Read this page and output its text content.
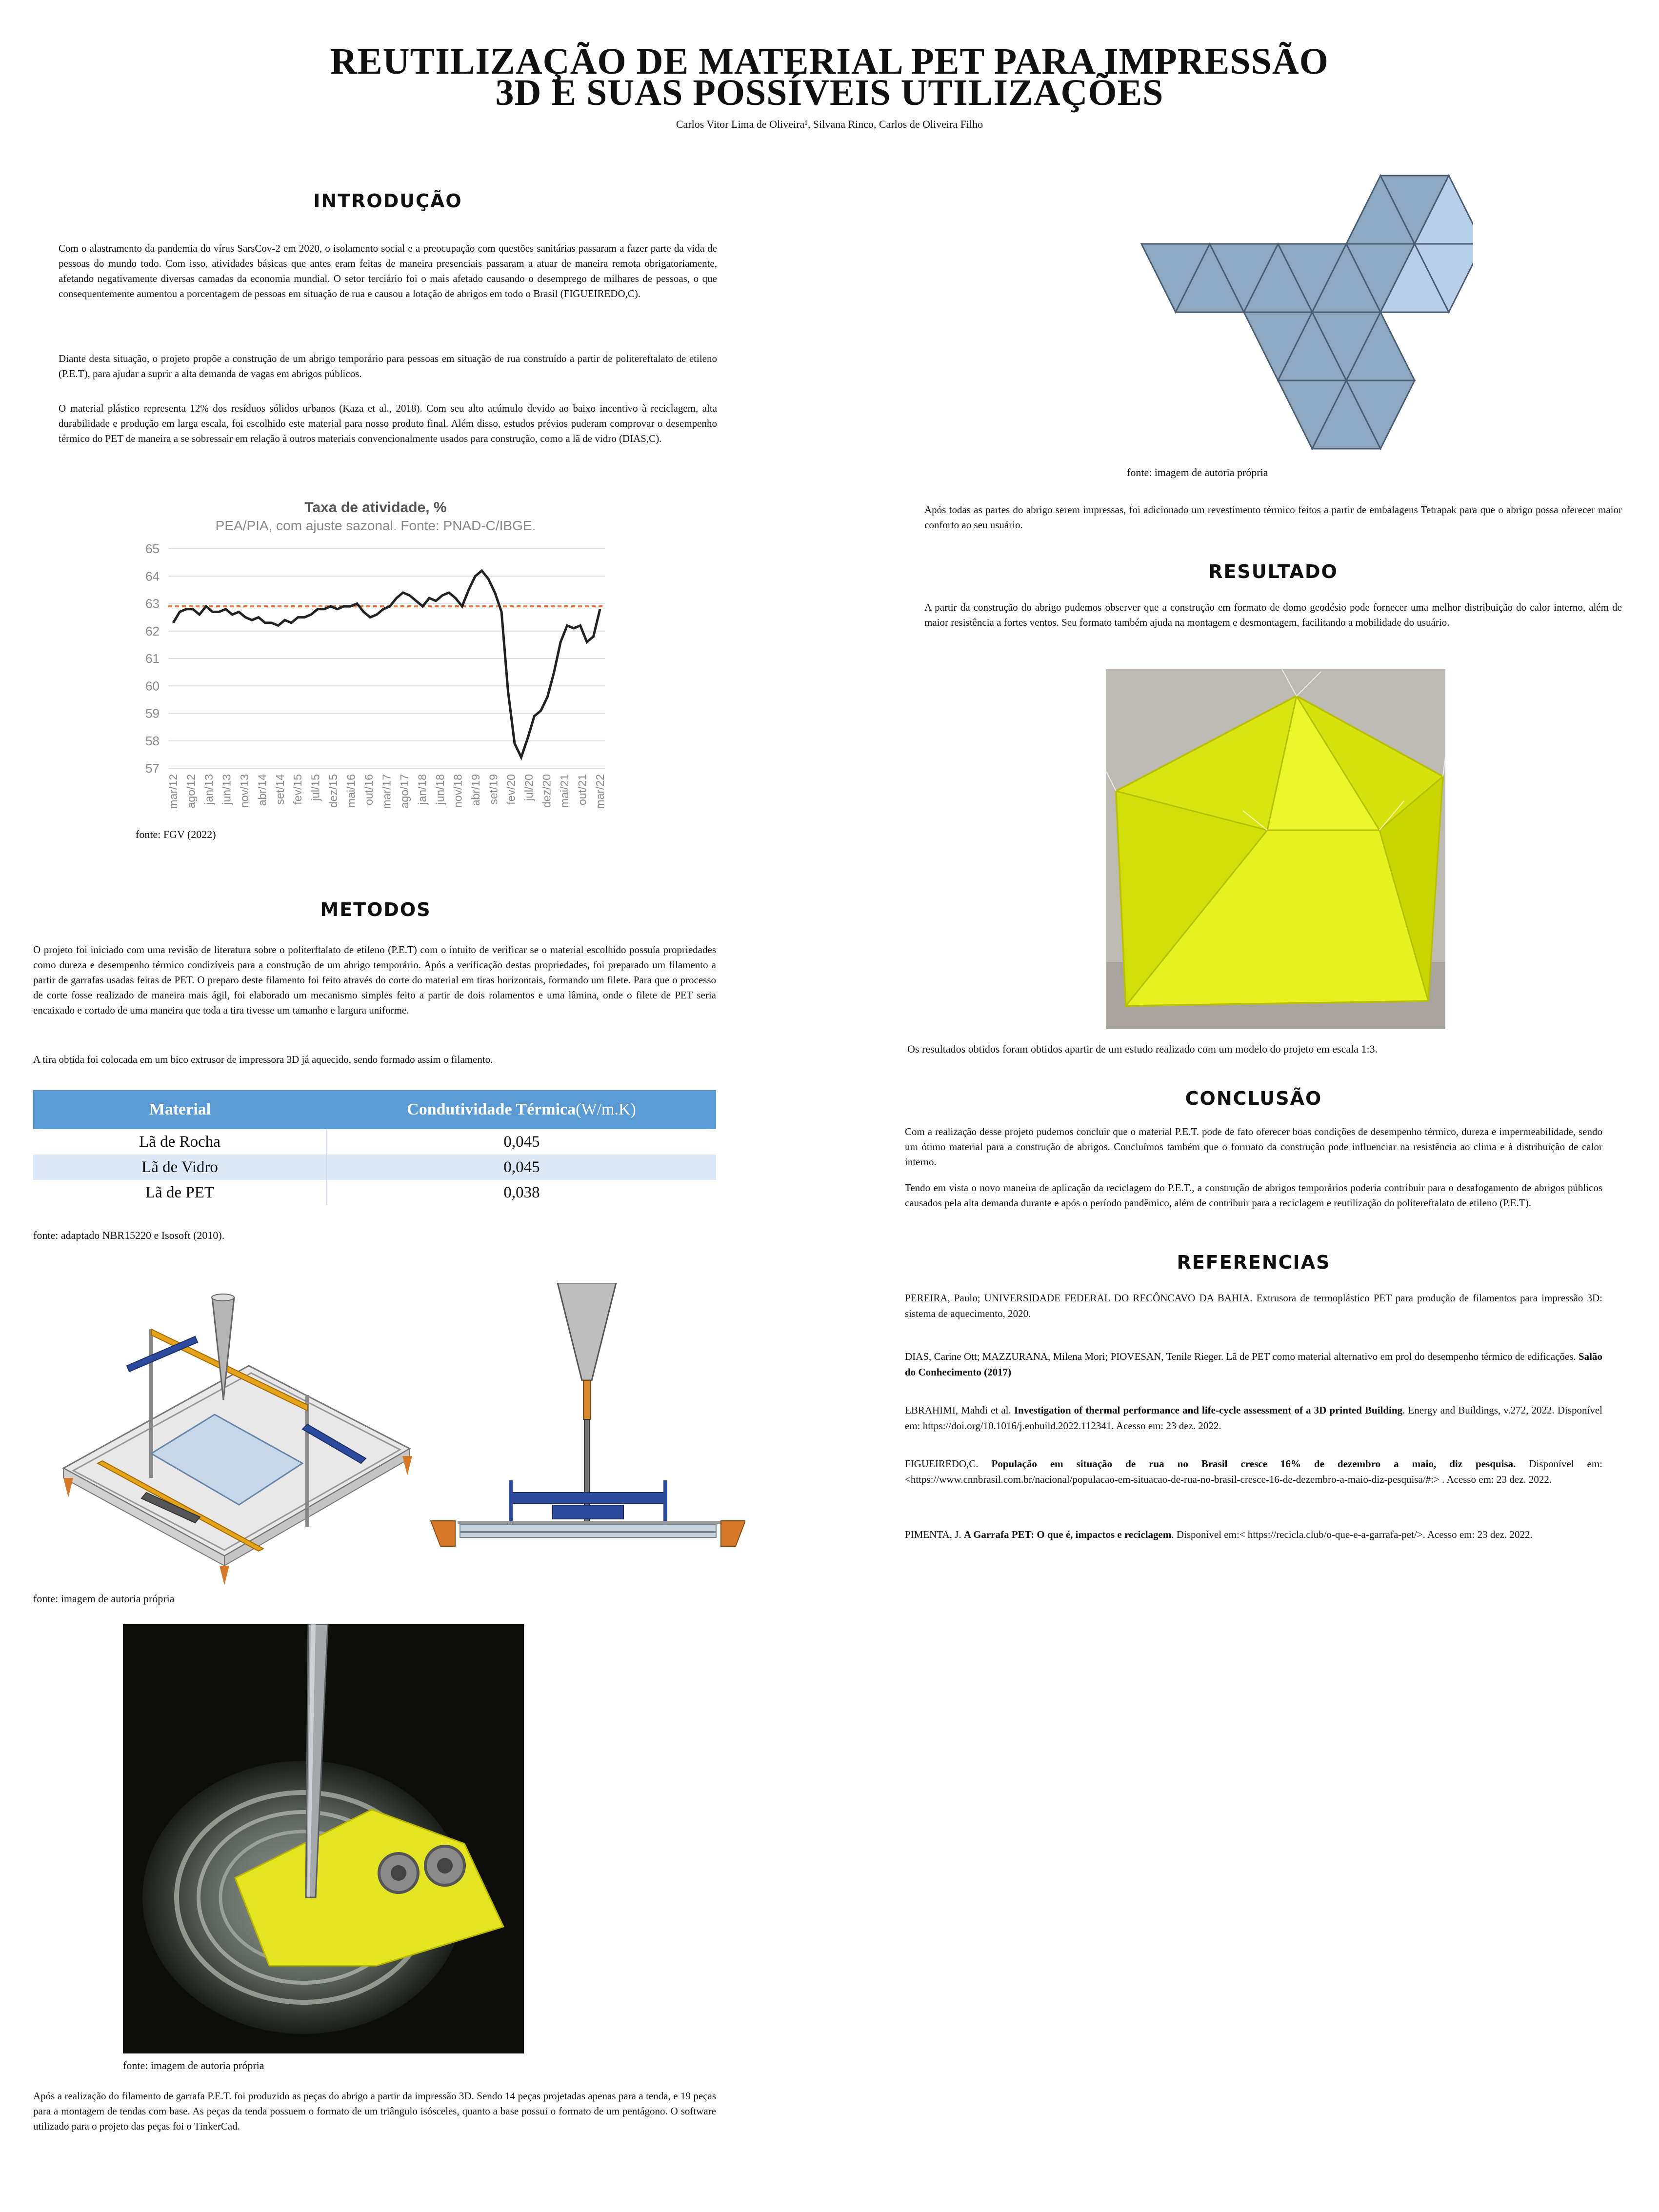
REUTILIZAÇÃO DE MATERIAL PET PARA IMPRESSÃO
3D E SUAS POSSÍVEIS UTILIZAÇÕES
Carlos Vitor Lima de Oliveira¹, Silvana Rinco, Carlos de Oliveira Filho
INTRODUÇÃO
Com o alastramento da pandemia do vírus SarsCov-2 em 2020, o isolamento social e a preocupação com questões sanitárias passaram a fazer parte da vida de pessoas do mundo todo. Com isso, atividades básicas que antes eram feitas de maneira presenciais passaram a atuar de maneira remota obrigatoriamente, afetando negativamente diversas camadas da economia mundial. O setor terciário foi o mais afetado causando o desemprego de milhares de pessoas, o que consequentemente aumentou a porcentagem de pessoas em situação de rua e causou a lotação de abrigos em todo o Brasil (FIGUEIREDO,C).
Diante desta situação, o projeto propõe a construção de um abrigo temporário para pessoas em situação de rua construído a partir de politereftalato de etileno (P.E.T), para ajudar a suprir a alta demanda de vagas em abrigos públicos.
O material plástico representa 12% dos resíduos sólidos urbanos (Kaza et al., 2018). Com seu alto acúmulo devido ao baixo incentivo à reciclagem, alta durabilidade e produção em larga escala, foi escolhido este material para nosso produto final. Além disso, estudos prévios puderam comprovar o desempenho térmico do PET de maneira a se sobressair em relação à outros materiais convencionalmente usados para construção, como a lã de vidro (DIAS,C).
Taxa de atividade, %
PEA/PIA, com ajuste sazonal. Fonte: PNAD-C/IBGE.
57
58
59
60
61
62
63
64
65
mar/12 ago/12 jan/13 jun/13 nov/13 abr/14 set/14 fev/15 jul/15 dez/15 mai/16 out/16 mar/17 ago/17 jan/18 jun/18 nov/18 abr/19 set/19 fev/20 jul/20 dez/20 mai/21 out/21 mar/22
fonte: FGV (2022)
METODOS
O projeto foi iniciado com uma revisão de literatura sobre o politerftalato de etileno (P.E.T) com o intuito de verificar se o material escolhido possuía propriedades como dureza e desempenho térmico condizíveis para a construção de um abrigo temporário. Após a verificação destas propriedades, foi preparado um filamento a partir de garrafas usadas feitas de PET. O preparo deste filamento foi feito através do corte do material em tiras horizontais, formando um filete. Para que o processo de corte fosse realizado de maneira mais ágil, foi elaborado um mecanismo simples feito a partir de dois rolamentos e uma lâmina, onde o filete de PET seria encaixado e cortado de uma maneira que toda a tira tivesse um tamanho e largura uniforme.
A tira obtida foi colocada em um bico extrusor de impressora 3D já aquecido, sendo formado assim o filamento.
Material	Condutividade Térmica(W/m.K)
Lã de Rocha	0,045
Lã de Vidro	0,045
Lã de PET	0,038
fonte: adaptado NBR15220 e Isosoft (2010).
fonte: imagem de autoria própria
fonte: imagem de autoria própria
Após a realização do filamento de garrafa P.E.T. foi produzido as peças do abrigo a partir da impressão 3D. Sendo 14 peças projetadas apenas para a tenda, e 19 peças para a montagem de tendas com base. As peças da tenda possuem o formato de um triângulo isósceles, quanto a base possui o formato de um pentágono. O software utilizado para o projeto das peças foi o TinkerCad.
fonte: imagem de autoria própria
Após todas as partes do abrigo serem impressas, foi adicionado um revestimento térmico feitos a partir de embalagens Tetrapak para que o abrigo possa oferecer maior conforto ao seu usuário.
RESULTADO
A partir da construção do abrigo pudemos observer que a construção em formato de domo geodésio pode fornecer uma melhor distribuição do calor interno, além de maior resistência a fortes ventos. Seu formato também ajuda na montagem e desmontagem, facilitando a mobilidade do usuário.
Os resultados obtidos foram obtidos apartir de um estudo realizado com um modelo do projeto em escala 1:3.
CONCLUSÃO
Com a realização desse projeto pudemos concluir que o material P.E.T. pode de fato oferecer boas condições de desempenho térmico, dureza e impermeabilidade, sendo um ótimo material para a construção de abrigos. Concluímos também que o formato da construção pode influenciar na resistência ao clima e à distribuição de calor interno.
Tendo em vista o novo maneira de aplicação da reciclagem do P.E.T., a construção de abrigos temporários poderia contribuir para o desafogamento de abrigos públicos causados pela alta demanda durante e após o período pandêmico, além de contribuir para a reciclagem e reutilização do politereftalato de etileno (P.E.T).
REFERENCIAS
PEREIRA, Paulo; UNIVERSIDADE FEDERAL DO RECÔNCAVO DA BAHIA. Extrusora de termoplástico PET para produção de filamentos para impressão 3D: sistema de aquecimento, 2020.
DIAS, Carine Ott; MAZZURANA, Milena Mori; PIOVESAN, Tenile Rieger. Lã de PET como material alternativo em prol do desempenho térmico de edificações. Salão do Conhecimento (2017)
EBRAHIMI, Mahdi et al. Investigation of thermal performance and life-cycle assessment of a 3D printed Building. Energy and Buildings, v.272, 2022. Disponível em: https://doi.org/10.1016/j.enbuild.2022.112341. Acesso em: 23 dez. 2022.
FIGUEIREDO,C. População em situação de rua no Brasil cresce 16% de dezembro a maio, diz pesquisa. Disponível em: <https://www.cnnbrasil.com.br/nacional/populacao-em-situacao-de-rua-no-brasil-cresce-16-de-dezembro-a-maio-diz-pesquisa/#:> . Acesso em: 23 dez. 2022.
PIMENTA, J. A Garrafa PET: O que é, impactos e reciclagem. Disponível em:< https://recicla.club/o-que-e-a-garrafa-pet/>. Acesso em: 23 dez. 2022.
